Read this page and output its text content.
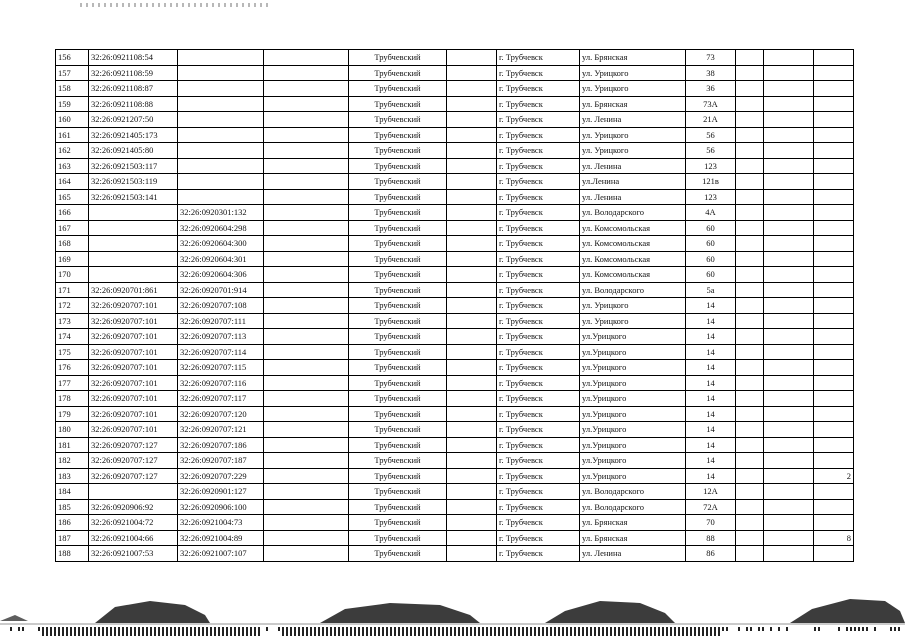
156	32:26:0921108:54			Трубчевский		г. Трубчевск	ул. Брянская	73			
157	32:26:0921108:59			Трубчевский		г. Трубчевск	ул. Урицкого	38			
158	32:26:0921108:87			Трубчевский		г. Трубчевск	ул. Урицкого	36			
159	32:26:0921108:88			Трубчевский		г. Трубчевск	ул. Брянская	73А			
160	32:26:0921207:50			Трубчевский		г. Трубчевск	ул. Ленина	21А			
161	32:26:0921405:173			Трубчевский		г. Трубчевск	ул. Урицкого	56			
162	32:26:0921405:80			Трубчевский		г. Трубчевск	ул. Урицкого	56			
163	32:26:0921503:117			Трубчевский		г. Трубчевск	ул. Ленина	123			
164	32:26:0921503:119			Трубчевский		г. Трубчевск	ул.Ленина	121в			
165	32:26:0921503:141			Трубчевский		г. Трубчевск	ул. Ленина	123			
166		32:26:0920301:132		Трубчевский		г. Трубчевск	ул. Володарского	4А			
167		32:26:0920604:298		Трубчевский		г. Трубчевск	ул. Комсомольская	60			
168		32:26:0920604:300		Трубчевский		г. Трубчевск	ул. Комсомольская	60			
169		32:26:0920604:301		Трубчевский		г. Трубчевск	ул. Комсомольская	60			
170		32:26:0920604:306		Трубчевский		г. Трубчевск	ул. Комсомольская	60			
171	32:26:0920701:861	32:26:0920701:914		Трубчевский		г. Трубчевск	ул. Володарского	5а			
172	32:26:0920707:101	32:26:0920707:108		Трубчевский		г. Трубчевск	ул. Урицкого	14			
173	32:26:0920707:101	32:26:0920707:111		Трубчевский		г. Трубчевск	ул. Урицкого	14			
174	32:26:0920707:101	32:26:0920707:113		Трубчевский		г. Трубчевск	ул.Урицкого	14			
175	32:26:0920707:101	32:26:0920707:114		Трубчевский		г. Трубчевск	ул.Урицкого	14			
176	32:26:0920707:101	32:26:0920707:115		Трубчевский		г. Трубчевск	ул.Урицкого	14			
177	32:26:0920707:101	32:26:0920707:116		Трубчевский		г. Трубчевск	ул.Урицкого	14			
178	32:26:0920707:101	32:26:0920707:117		Трубчевский		г. Трубчевск	ул.Урицкого	14			
179	32:26:0920707:101	32:26:0920707:120		Трубчевский		г. Трубчевск	ул.Урицкого	14			
180	32:26:0920707:101	32:26:0920707:121		Трубчевский		г. Трубчевск	ул.Урицкого	14			
181	32:26:0920707:127	32:26:0920707:186		Трубчевский		г. Трубчевск	ул.Урицкого	14			
182	32:26:0920707:127	32:26:0920707:187		Трубчевский		г. Трубчевск	ул.Урицкого	14			
183	32:26:0920707:127	32:26:0920707:229		Трубчевский		г. Трубчевск	ул.Урицкого	14			2
184		32:26:0920901:127		Трубчевский		г. Трубчевск	ул. Володарского	12А			
185	32:26:0920906:92	32:26:0920906:100		Трубчевский		г. Трубчевск	ул. Володарского	72А			
186	32:26:0921004:72	32:26:0921004:73		Трубчевский		г. Трубчевск	ул. Брянская	70			
187	32:26:0921004:66	32:26:0921004:89		Трубчевский		г. Трубчевск	ул. Брянская	88			8
188	32:26:0921007:53	32:26:0921007:107		Трубчевский		г. Трубчевск	ул. Ленина	86			
